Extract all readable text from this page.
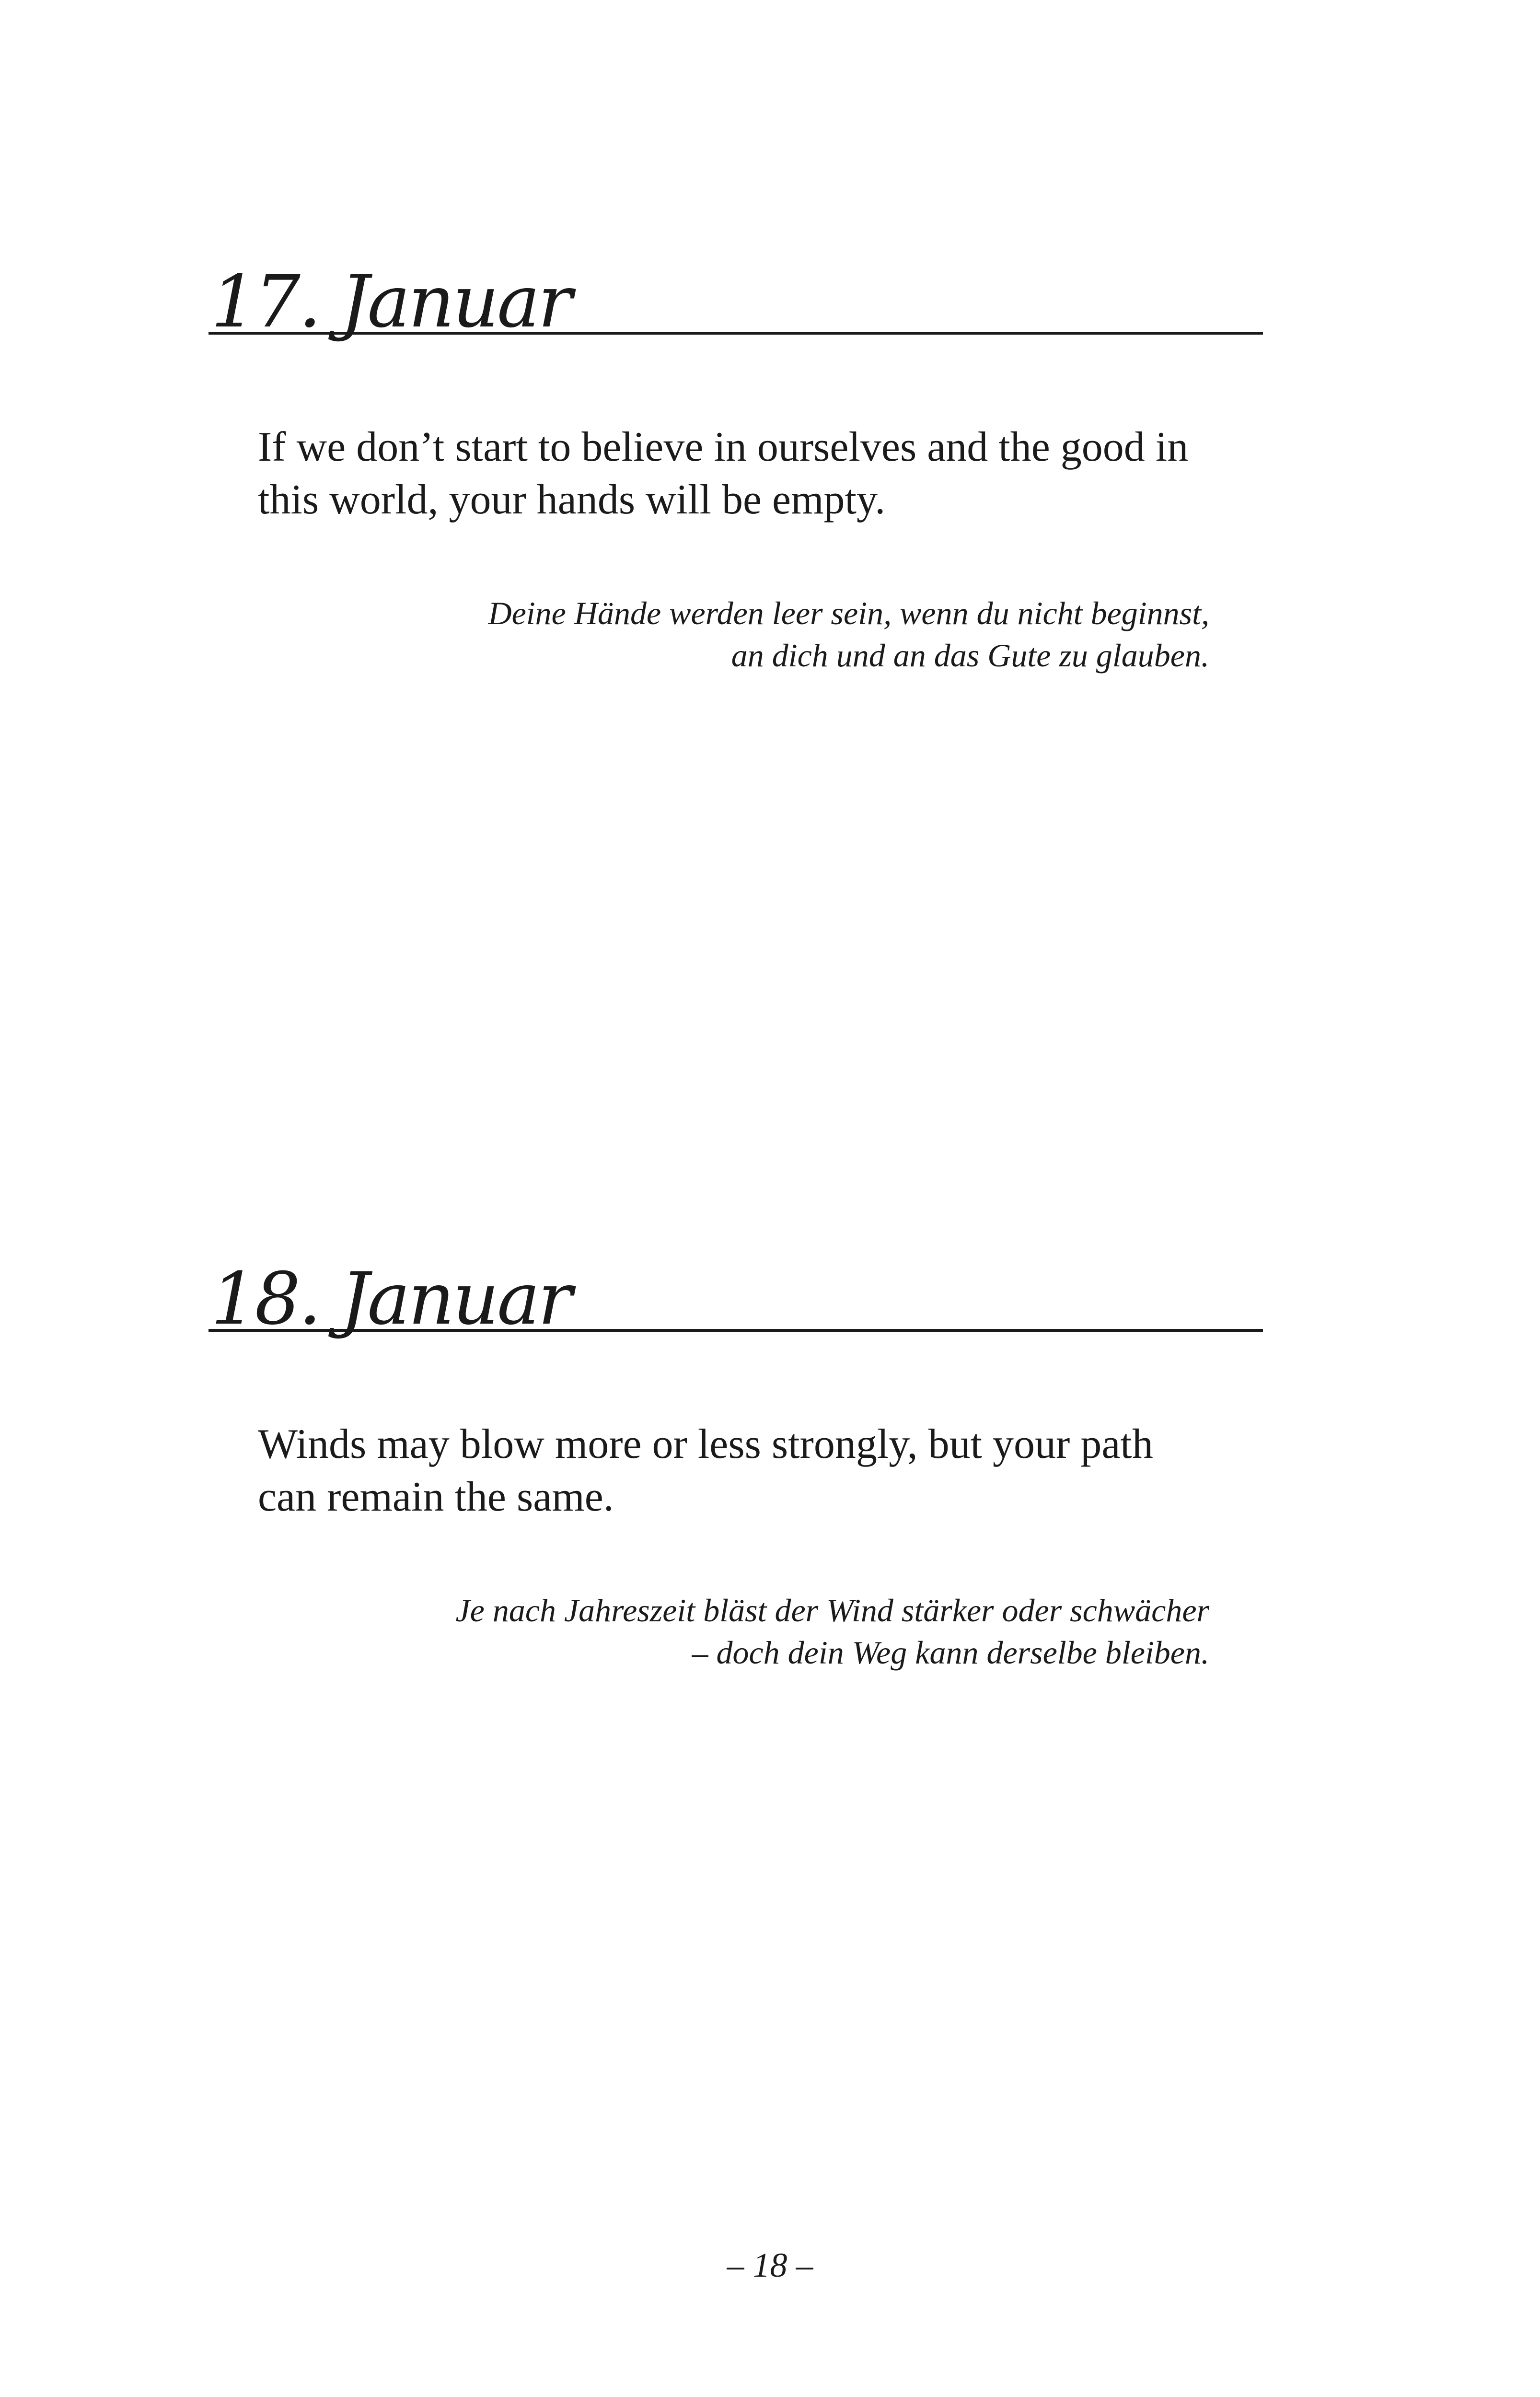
17. Januar
If we don’t start to believe in ourselves and the good in
this world, your hands will be empty.
Deine Hände werden leer sein, wenn du nicht beginnst,
an dich und an das Gute zu glauben.
18. Januar
Winds may blow more or less strongly, but your path
can remain the same.
Je nach Jahreszeit bläst der Wind stärker oder schwächer
– doch dein Weg kann derselbe bleiben.
– 18 –
